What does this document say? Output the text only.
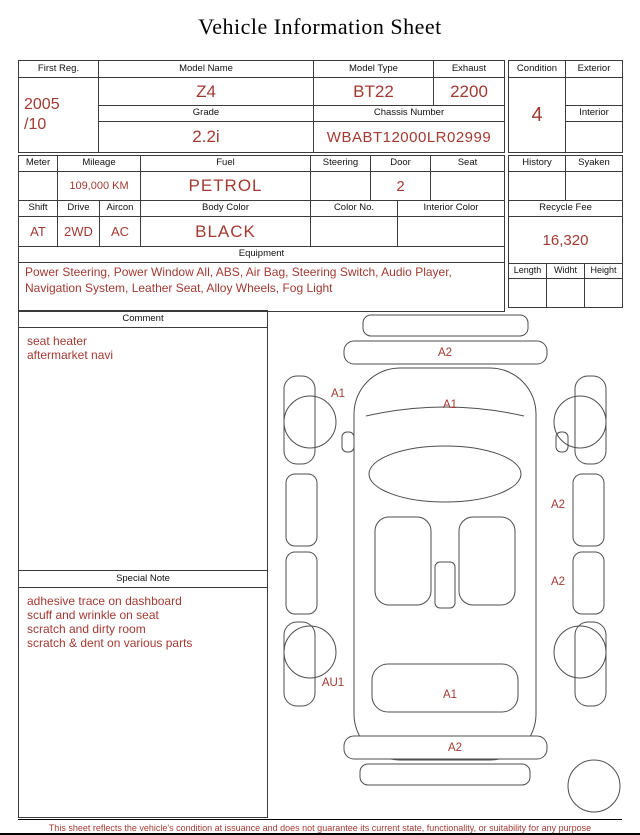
Vehicle Information Sheet
First Reg.	Model Name	Model Type	Exhaust

2005
/10	Z4	BT22	2200
	Grade	Chassis Number	
	2.2i	WBABT12000LR02999	
Condition	Exterior
4	
	Interior

Meter	Mileage	Fuel	Steering	Door	Seat
	109,000 KM	PETROL		2	
Shift	Drive	Aircon	Body Color	Color No.	Interior Color
AT	2WD	AC	BLACK		
Equipment
Power Steering, Power Window All, ABS, Air Bag, Steering Switch, Audio Player, Navigation System, Leather Seat, Alloy Wheels, Fog Light
History	Syaken

Recycle Fee
16,320
Length	Widht	Height

Comment
seat heater
aftermarket navi
Special Note
adhesive trace on dashboard
scuff and wrinkle on seat
scratch and dirty room
scratch & dent on various parts
A2
A1
A1
A2
A2
AU1
A1
A2
This sheet reflects the vehicle's condition at issuance and does not guarantee its current state, functionality, or suitability for any purpose
